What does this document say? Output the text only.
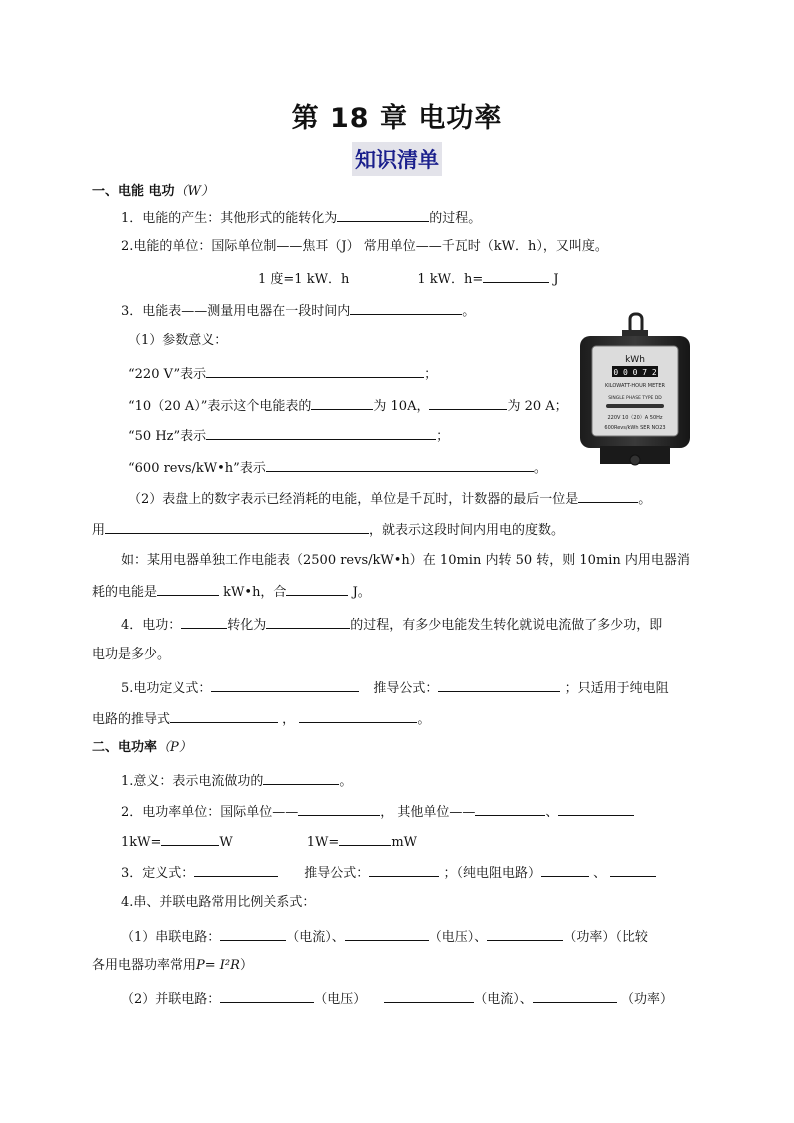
第 18 章 电功率
知识清单
一、电能 电功（W）
1．电能的产生：其他形式的能转化为	的过程。
2.电能的单位：国际单位制——焦耳（J） 常用单位——千瓦时（kW．h），又叫度。
1 度=1 kW．h	1 kW．h=	J
3．电能表——测量用电器在一段时间内	。
（1）参数意义：
“220 V”表示	；
“10（20 A）”表示这个电能表的	为 10A，	为 20 A；
“50 Hz”表示	；
“600 revs/kW•h”表示	。
（2）表盘上的数字表示已经消耗的电能，单位是千瓦时，计数器的最后一位是	。
用	，就表示这段时间内用电的度数。
如：某用电器单独工作电能表（2500 revs/kW•h）在 10min 内转 50 转，则 10min 内用电器消
耗的电能是	kW•h，合	J。
4．电功：	转化为	的过程，有多少电能发生转化就说电流做了多少功，即
电功是多少。
5.电功定义式：	推导公式：	；只适用于纯电阻
电路的推导式	，	。
二、电功率（P）
1.意义：表示电流做功的	。
2．电功率单位：国际单位——	， 其他单位——	、
1kW=	W	1W=	mW
3．定义式：	推导公式：	；（纯电阻电路）	、
4.串、并联电路常用比例关系式：
（1）串联电路：	（电流）、	（电压）、	（功率）（比较
各用电器功率常用P= I²R）
（2）并联电路：	（电压）	（电流）、	（功率）
kWh
0 0 0 7 2
KILOWATT-HOUR METER
SINGLE PHASE TYPE DD
220V 10（20）A 50Hz
600Revs/kWh SER NO23
